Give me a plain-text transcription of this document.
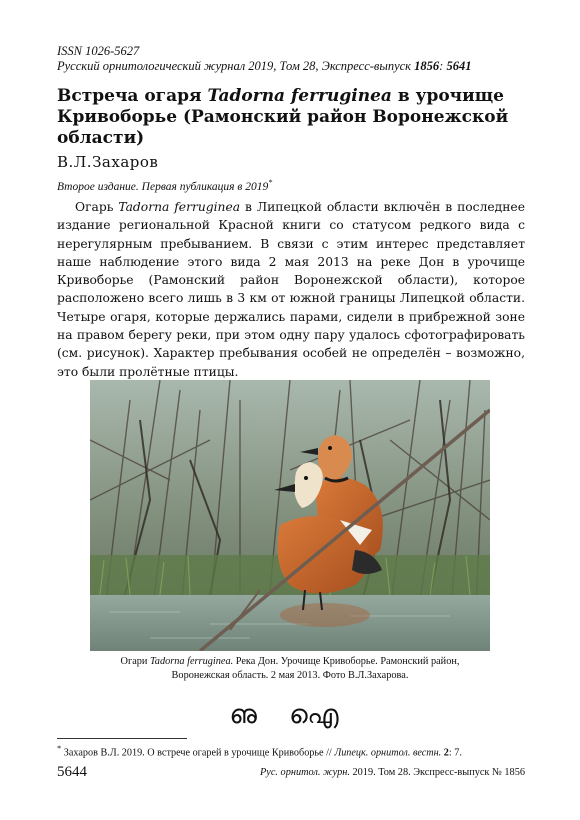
ISSN 1026-5627
Русский орнитологический журнал 2019, Том 28, Экспресс-выпуск 1856: 5641
Встреча огаря Tadorna ferruginea в урочище Кривоборье (Рамонский район Воронежской области)
В.Л.Захаров
Второе издание. Первая публикация в 2019*

Огарь Tadorna ferruginea в Липецкой области включён в последнее издание региональной Красной книги со статусом редкого вида с нерегулярным пребыванием. В связи с этим интерес представляет наше наблюдение этого вида 2 мая 2013 на реке Дон в урочище Кривоборье (Рамонский район Воронежской области), которое расположено всего лишь в 3 км от южной границы Липецкой области. Четыре огаря, которые держались парами, сидели в прибрежной зоне на правом берегу реки, при этом одну пару удалось сфотографировать (см. рисунок). Характер пребывания особей не определён – возможно, это были пролётные птицы.

Огари Tadorna ferruginea. Река Дон. Урочище Кривоборье. Рамонский район,
Воронежская область. 2 мая 2013. Фото В.Л.Захарова.
ഌ ഐ
* Захаров В.Л. 2019. О встрече огарей в урочище Кривоборье // Липецк. орнитол. вестн. 2: 7.
5644	Рус. орнитол. журн. 2019. Том 28. Экспресс-выпуск № 1856
